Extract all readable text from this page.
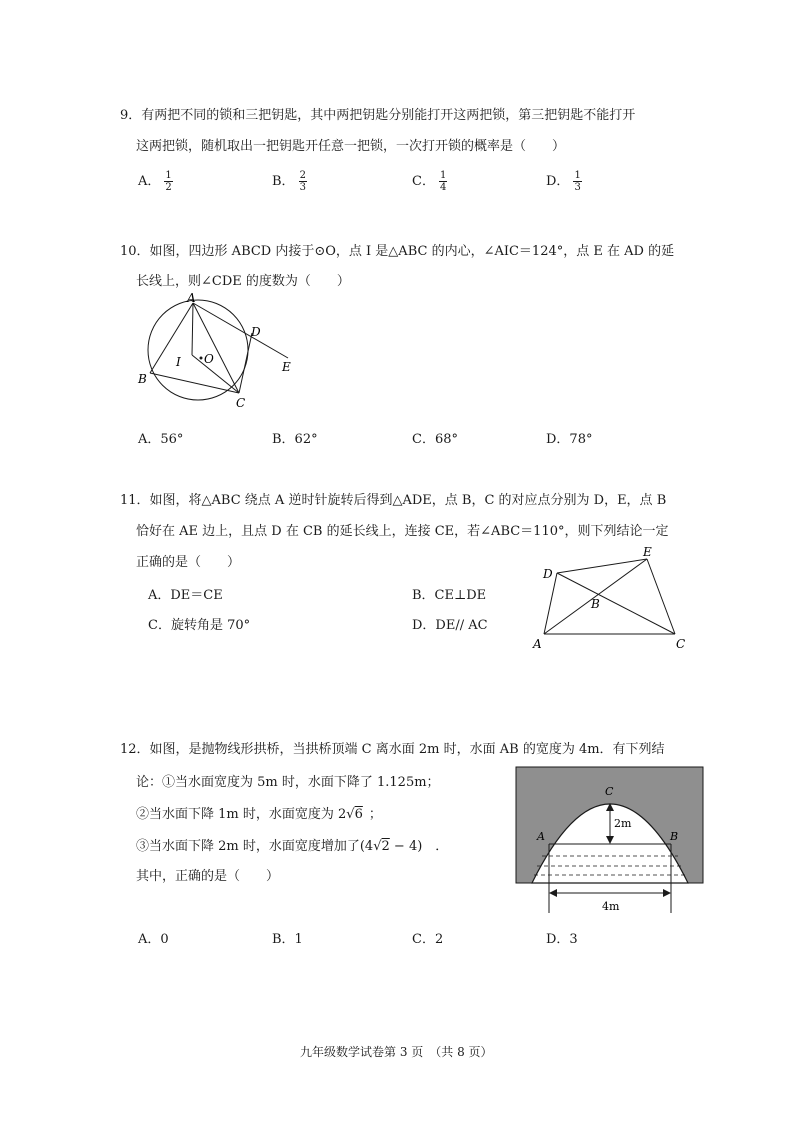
9．有两把不同的锁和三把钥匙，其中两把钥匙分别能打开这两把锁，第三把钥匙不能打开
这两把锁，随机取出一把钥匙开任意一把锁，一次打开锁的概率是（　　）
A． $\frac{1}{2}$	B． $\frac{2}{3}$	C． $\frac{1}{4}$	D． $\frac{1}{3}$
10．如图，四边形 ABCD 内接于⊙O，点 I 是△ABC 的内心，∠AIC＝124°，点 E 在 AD 的延
长线上，则∠CDE 的度数为（　　）
A
B
C
D
E
I O
A．56°	B．62°	C．68°	D．78°
11．如图，将△ABC 绕点 A 逆时针旋转后得到△ADE，点 B，C 的对应点分别为 D，E，点 B
恰好在 AE 边上，且点 D 在 CB 的延长线上，连接 CE，若∠ABC＝110°，则下列结论一定
正确的是（　　）
A．DE＝CE	B．CE⊥DE
C．旋转角是 70°	D．DE// AC
A
B
C
D
E
12．如图，是抛物线形拱桥，当拱桥顶端 C 离水面 2m 时，水面 AB 的宽度为 4m．有下列结
论：①当水面宽度为 5m 时，水面下降了 1.125m；
②当水面下降 1m 时，水面宽度为 2√6 ；
③当水面下降 2m 时，水面宽度增加了(4√2 − 4)　．
其中，正确的是（　　）
A	B
C
2m
4m
A．0	B．1	C．2	D．3
九年级数学试卷第 3 页　（共 8 页）
